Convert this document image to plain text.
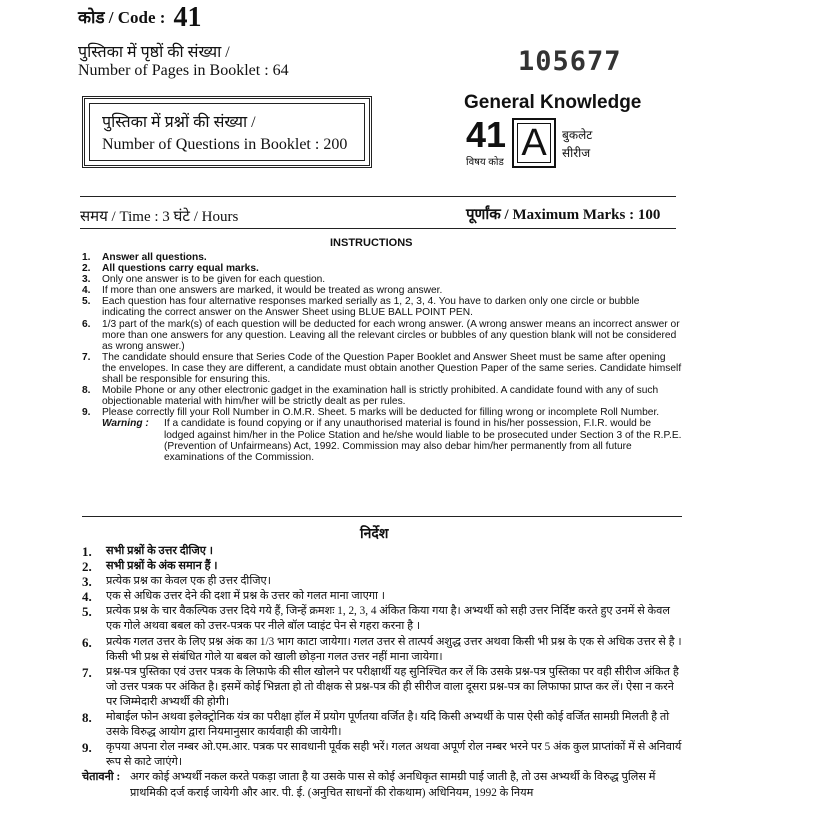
कोड / Code : 41
पुस्तिका में पृष्ठों की संख्या /
Number of Pages in Booklet : 64	105677
पुस्तिका में प्रश्नों की संख्या /
Number of Questions in Booklet : 200
General Knowledge
41
विषय कोड A	बुकलेट
सीरीज
समय / Time : 3 घंटे / Hours	पूर्णांक / Maximum Marks : 100
INSTRUCTIONS
1.	Answer all questions.
2.	All questions carry equal marks.
3.	Only one answer is to be given for each question.
4.	If more than one answers are marked, it would be treated as wrong answer.
5.	Each question has four alternative responses marked serially as 1, 2, 3, 4. You have to darken only one circle or bubble indicating the correct answer on the Answer Sheet using BLUE BALL POINT PEN.
6.	1/3 part of the mark(s) of each question will be deducted for each wrong answer. (A wrong answer means an incorrect answer or more than one answers for any question. Leaving all the relevant circles or bubbles of any question blank will not be considered as wrong answer.)
7.	The candidate should ensure that Series Code of the Question Paper Booklet and Answer Sheet must be same after opening the envelopes. In case they are different, a candidate must obtain another Question Paper of the same series. Candidate himself shall be responsible for ensuring this.
8.	Mobile Phone or any other electronic gadget in the examination hall is strictly prohibited. A candidate found with any of such objectionable material with him/her will be strictly dealt as per rules.
9.	Please correctly fill your Roll Number in O.M.R. Sheet. 5 marks will be deducted for filling wrong or incomplete Roll Number.
Warning :	If a candidate is found copying or if any unauthorised material is found in his/her possession, F.I.R. would be lodged against him/her in the Police Station and he/she would liable to be prosecuted under Section 3 of the R.P.E. (Prevention of Unfairmeans) Act, 1992. Commission may also debar him/her permanently from all future examinations of the Commission.
निर्देश
1.	सभी प्रश्नों के उत्तर दीजिए ।
2.	सभी प्रश्नों के अंक समान हैं ।
3.	प्रत्येक प्रश्न का केवल एक ही उत्तर दीजिए।
4.	एक से अधिक उत्तर देने की दशा में प्रश्न के उत्तर को गलत माना जाएगा ।
5.	प्रत्येक प्रश्न के चार वैकल्पिक उत्तर दिये गये हैं, जिन्हें क्रमशः 1, 2, 3, 4 अंकित किया गया है। अभ्यर्थी को सही उत्तर निर्दिष्ट करते हुए उनमें से केवल एक गोले अथवा बबल को उत्तर-पत्रक पर नीले बॉल प्वाइंट पेन से गहरा करना है ।
6.	प्रत्येक गलत उत्तर के लिए प्रश्न अंक का 1/3 भाग काटा जायेगा। गलत उत्तर से तात्पर्य अशुद्ध उत्तर अथवा किसी भी प्रश्न के एक से अधिक उत्तर से है । किसी भी प्रश्न से संबंधित गोले या बबल को खाली छोड़ना गलत उत्तर नहीं माना जायेगा।
7.	प्रश्न-पत्र पुस्तिका एवं उत्तर पत्रक के लिफाफे की सील खोलने पर परीक्षार्थी यह सुनिश्चित कर लें कि उसके प्रश्न-पत्र पुस्तिका पर वही सीरीज अंकित है जो उत्तर पत्रक पर अंकित है। इसमें कोई भिन्नता हो तो वीक्षक से प्रश्न-पत्र की ही सीरीज वाला दूसरा प्रश्न-पत्र का लिफाफा प्राप्त कर लें। ऐसा न करने पर जिम्मेदारी अभ्यर्थी की होगी।
8.	मोबाईल फोन अथवा इलेक्ट्रोनिक यंत्र का परीक्षा हॉल में प्रयोग पूर्णतया वर्जित है। यदि किसी अभ्यर्थी के पास ऐसी कोई वर्जित सामग्री मिलती है तो उसके विरुद्ध आयोग द्वारा नियमानुसार कार्यवाही की जायेगी।
9.	कृपया अपना रोल नम्बर ओ.एम.आर. पत्रक पर सावधानी पूर्वक सही भरें। गलत अथवा अपूर्ण रोल नम्बर भरने पर 5 अंक कुल प्राप्तांकों में से अनिवार्य रूप से काटे जाएंगे।
चेतावनी : अगर कोई अभ्यर्थी नकल करते पकड़ा जाता है या उसके पास से कोई अनधिकृत सामग्री पाई जाती है, तो उस अभ्यर्थी के विरुद्ध पुलिस में प्राथमिकी दर्ज कराई जायेगी और आर. पी. ई. (अनुचित साधनों की रोकथाम) अधिनियम, 1992 के नियम
